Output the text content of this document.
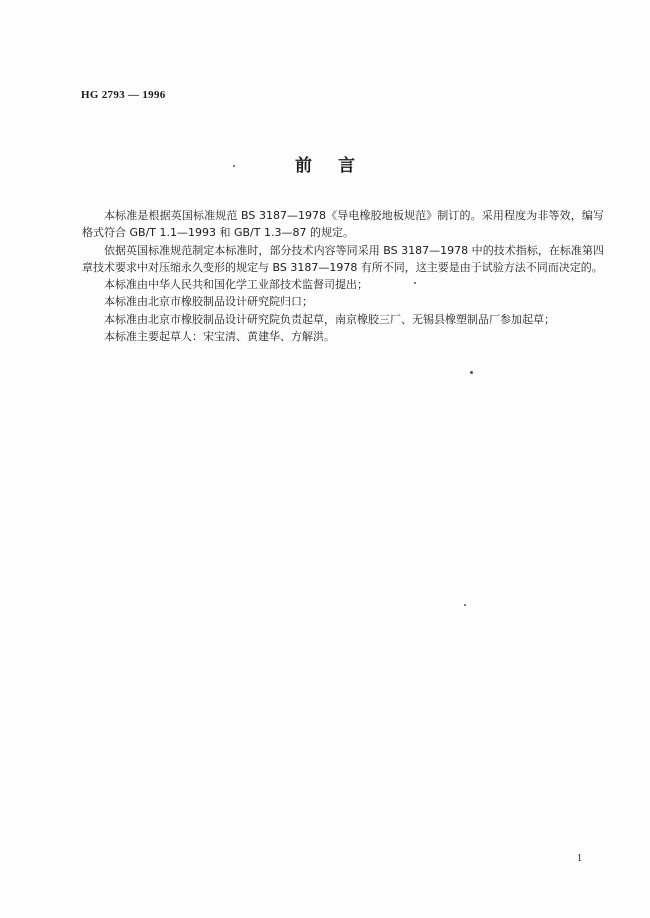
HG 2793 — 1996
前言

本标准是根据英国标准规范 BS 3187—1978《导电橡胶地板规范》制订的。采用程度为非等效，编写格式符合 GB/T 1.1—1993 和 GB/T 1.3—87 的规定。

依据英国标准规范制定本标准时，部分技术内容等同采用 BS 3187—1978 中的技术指标，在标准第四章技术要求中对压缩永久变形的规定与 BS 3187—1978 有所不同，这主要是由于试验方法不同而决定的。

本标准由中华人民共和国化学工业部技术监督司提出；

本标准由北京市橡胶制品设计研究院归口；

本标准由北京市橡胶制品设计研究院负责起草，南京橡胶三厂、无锡县橡塑制品厂参加起草；

本标准主要起草人：宋宝清、黄建华、方解洪。

1
